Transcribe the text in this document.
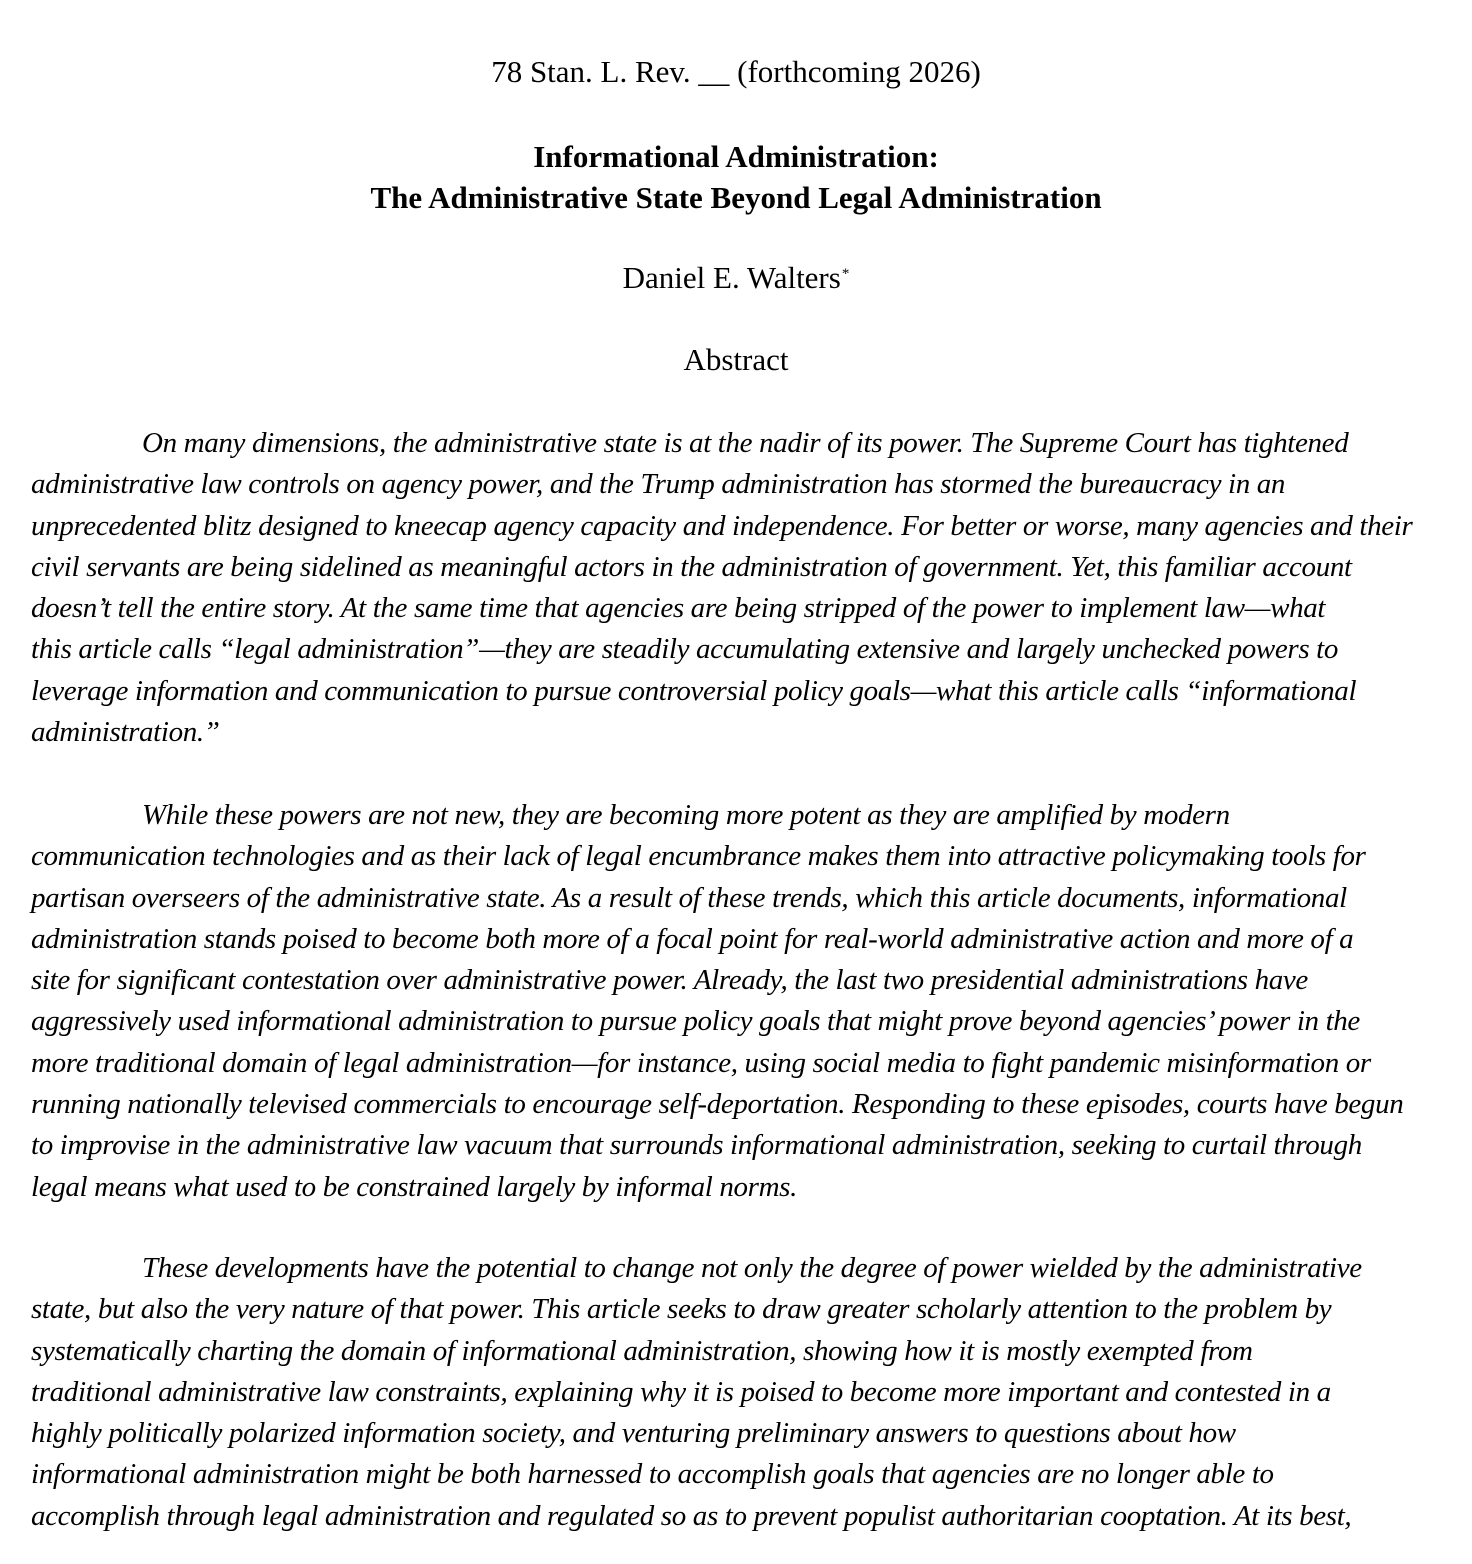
78 Stan. L. Rev. __ (forthcoming 2026)
Informational Administration:
The Administrative State Beyond Legal Administration
Daniel E. Walters*
Abstract
On many dimensions, the administrative state is at the nadir of its power. The Supreme Court has tightened
administrative law controls on agency power, and the Trump administration has stormed the bureaucracy in an
unprecedented blitz designed to kneecap agency capacity and independence. For better or worse, many agencies and their
civil servants are being sidelined as meaningful actors in the administration of government. Yet, this familiar account
doesn’t tell the entire story. At the same time that agencies are being stripped of the power to implement law—what
this article calls “legal administration”—they are steadily accumulating extensive and largely unchecked powers to
leverage information and communication to pursue controversial policy goals—what this article calls “informational
administration.”
While these powers are not new, they are becoming more potent as they are amplified by modern
communication technologies and as their lack of legal encumbrance makes them into attractive policymaking tools for
partisan overseers of the administrative state. As a result of these trends, which this article documents, informational
administration stands poised to become both more of a focal point for real-world administrative action and more of a
site for significant contestation over administrative power. Already, the last two presidential administrations have
aggressively used informational administration to pursue policy goals that might prove beyond agencies’ power in the
more traditional domain of legal administration—for instance, using social media to fight pandemic misinformation or
running nationally televised commercials to encourage self-deportation. Responding to these episodes, courts have begun
to improvise in the administrative law vacuum that surrounds informational administration, seeking to curtail through
legal means what used to be constrained largely by informal norms.
These developments have the potential to change not only the degree of power wielded by the administrative
state, but also the very nature of that power. This article seeks to draw greater scholarly attention to the problem by
systematically charting the domain of informational administration, showing how it is mostly exempted from
traditional administrative law constraints, explaining why it is poised to become more important and contested in a
highly politically polarized information society, and venturing preliminary answers to questions about how
informational administration might be both harnessed to accomplish goals that agencies are no longer able to
accomplish through legal administration and regulated so as to prevent populist authoritarian cooptation. At its best,
